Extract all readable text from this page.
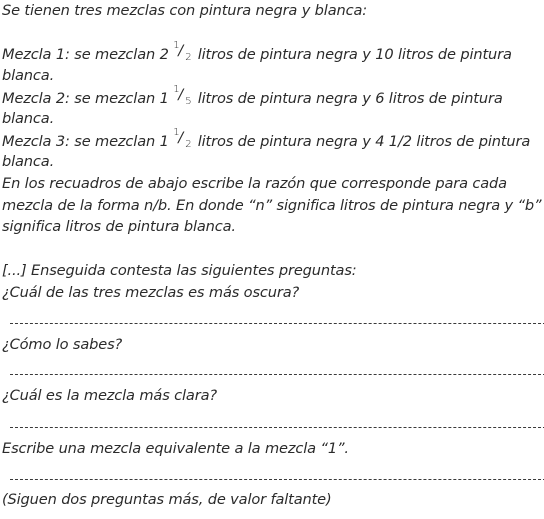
Se tienen tres mezclas con pintura negra y blanca:
Mezcla 1: se mezclan 2
1
/ 2 litros de pintura negra y 10 litros de pintura
blanca.
Mezcla 2: se mezclan 1
1
/ 5 litros de pintura negra y 6 litros de pintura
blanca.
Mezcla 3: se mezclan 1
1
/ 2 litros de pintura negra y 4 1/2 litros de pintura
blanca.
En los recuadros de abajo escribe la razón que corresponde para cada
mezcla de la forma n/b. En donde “n” significa litros de pintura negra y “b”
significa litros de pintura blanca.
[...] Enseguida contesta las siguientes preguntas:
¿Cuál de las tres mezclas es más oscura?
¿Cómo lo sabes?
¿Cuál es la mezcla más clara?
Escribe una mezcla equivalente a la mezcla “1”.
(Siguen dos preguntas más, de valor faltante)
